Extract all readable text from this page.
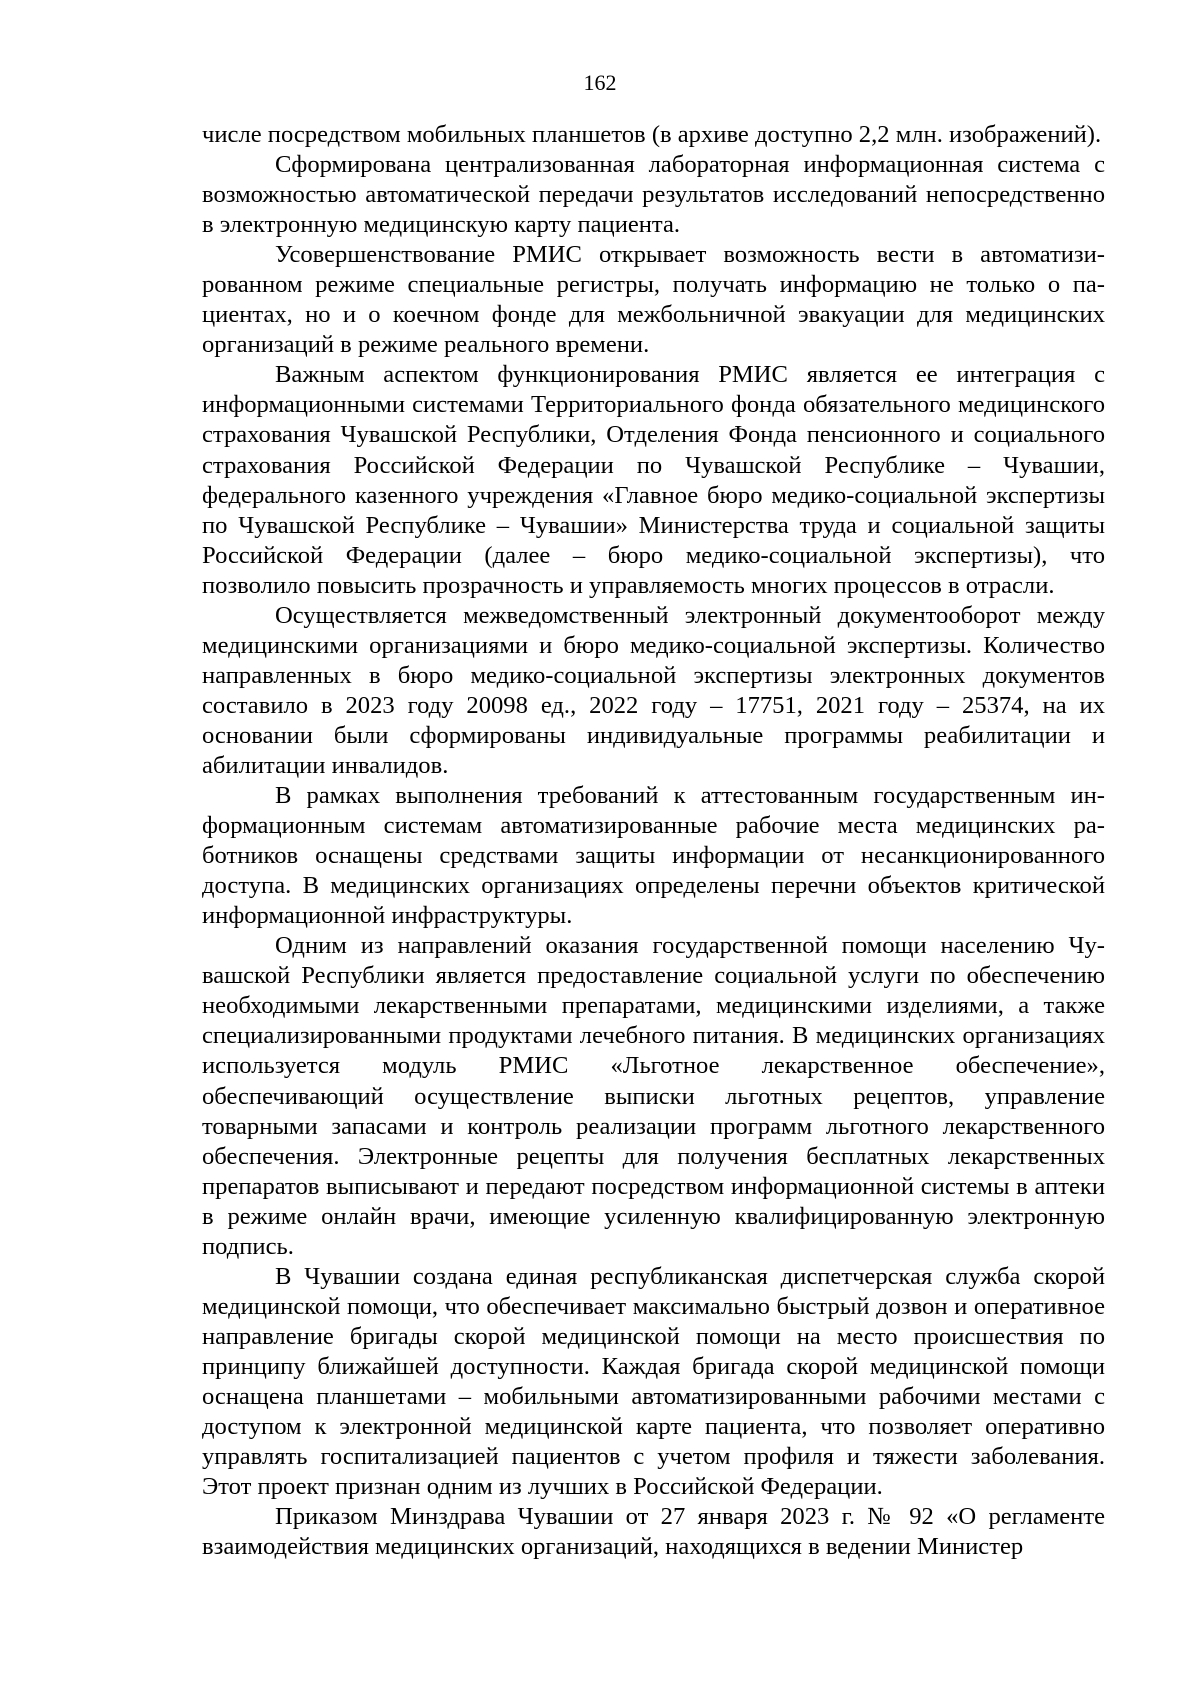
162

числе посредством мобильных планшетов (в архиве доступно 2,2 млн. изображений).

Сформирована централизованная лабораторная информационная система с возможностью автоматической передачи результатов исследований непосредственно в электронную медицинскую карту пациента.

Усовершенствование РМИС открывает возможность вести в автоматизированном режиме специальные регистры, получать информацию не только о пациентах, но и о коечном фонде для межбольничной эвакуации для медицинских организаций в режиме реального времени.

Важным аспектом функционирования РМИС является ее интеграция с информационными системами Территориального фонда обязательного медицинского страхования Чувашской Республики, Отделения Фонда пенсионного и социального страхования Российской Федерации по Чувашской Республике – Чувашии, федерального казенного учреждения «Главное бюро медико-социальной экспертизы по Чувашской Республике – Чувашии» Министерства труда и социальной защиты Российской Федерации (далее – бюро медико-социальной экспертизы), что позволило повысить прозрачность и управляемость многих процессов в отрасли.

Осуществляется межведомственный электронный документооборот между медицинскими организациями и бюро медико-социальной экспертизы. Количество направленных в бюро медико-социальной экспертизы электронных документов составило в 2023 году 20098 ед., 2022 году – 17751, 2021 году – 25374, на их основании были сформированы индивидуальные программы реабилитации и абилитации инвалидов.

В рамках выполнения требований к аттестованным государственным информационным системам автоматизированные рабочие места медицинских работников оснащены средствами защиты информации от несанкционированного доступа. В медицинских организациях определены перечни объектов критической информационной инфраструктуры.

Одним из направлений оказания государственной помощи населению Чувашской Республики является предоставление социальной услуги по обеспечению необходимыми лекарственными препаратами, медицинскими изделиями, а также специализированными продуктами лечебного питания. В медицинских организациях используется модуль РМИС «Льготное лекарственное обеспечение», обеспечивающий осуществление выписки льготных рецептов, управление товарными запасами и контроль реализации программ льготного лекарственного обеспечения. Электронные рецепты для получения бесплатных лекарственных препаратов выписывают и передают посредством информационной системы в аптеки в режиме онлайн врачи, имеющие усиленную квалифицированную электронную подпись.

В Чувашии создана единая республиканская диспетчерская служба скорой медицинской помощи, что обеспечивает максимально быстрый дозвон и оперативное направление бригады скорой медицинской помощи на место происшествия по принципу ближайшей доступности. Каждая бригада скорой медицинской помощи оснащена планшетами – мобильными автоматизированными рабочими местами с доступом к электронной медицинской карте пациента, что позволяет оперативно управлять госпитализацией пациентов с учетом профиля и тяжести заболевания. Этот проект признан одним из лучших в Российской Федерации.

Приказом Минздрава Чувашии от 27 января 2023 г. № 92 «О регламенте взаимодействия медицинских организаций, находящихся в ведении Министер
